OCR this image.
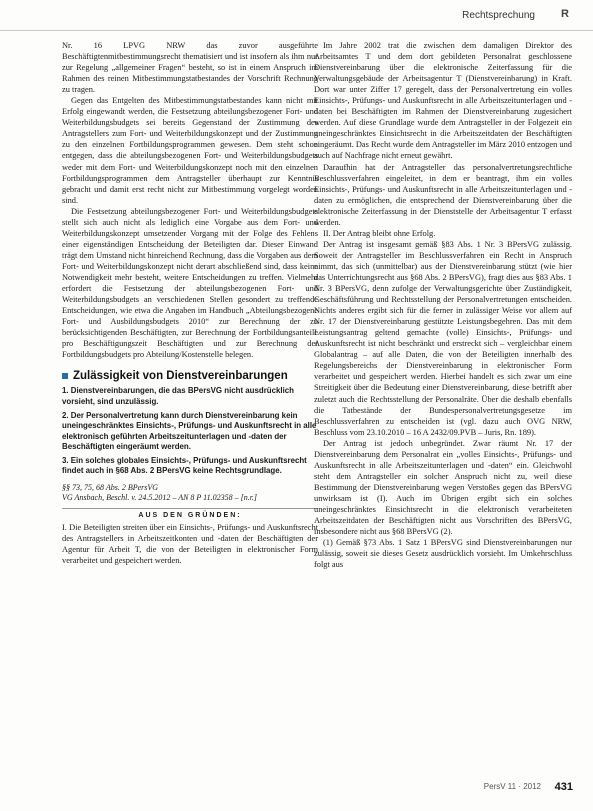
Rechtsprechung R

Nr. 16 LPVG NRW das zuvor ausgeführte Beschäftigtenmitbestimmungsrecht thematisiert und ist insofern als ihm nur zur Regelung „allgemeiner Fragen“ besteht, so ist in einem Anspruch im Rahmen des reinen Mitbestimmungstatbestandes der Vorschrift Rechnung zu tragen.

Gegen das Entgelten des Mitbestimmungstatbestandes kann nicht mit Erfolg eingewandt werden, die Festsetzung abteilungsbezogener Fort- und Weiterbildungsbudgets sei bereits Gegenstand der Zustimmung des Antragstellers zum Fort- und Weiterbildungskonzept und der Zustimmung zu den einzelnen Fortbildungsprogrammen gewesen. Dem steht schon entgegen, dass die abteilungsbezogenen Fort- und Weiterbildungsbudgets weder mit dem Fort- und Weiterbildungskonzept noch mit den einzelnen Fortbildungsprogrammen dem Antragsteller überhaupt zur Kenntnis gebracht und damit erst recht nicht zur Mitbestimmung vorgelegt worden sind.

Die Festsetzung abteilungsbezogener Fort- und Weiterbildungsbudgets stellt sich auch nicht als lediglich eine Vorgabe aus dem Fort- und Weiterbildungskonzept umsetzender Vorgang mit der Folge des Fehlens einer eigenständigen Entscheidung der Beteiligten dar. Dieser Einwand trägt dem Umstand nicht hinreichend Rechnung, dass die Vorgaben aus dem Fort- und Weiterbildungskonzept nicht derart abschließend sind, dass keine Notwendigkeit mehr besteht, weitere Entscheidungen zu treffen. Vielmehr erfordert die Festsetzung der abteilungsbezogenen Fort- und Weiterbildungsbudgets an verschiedenen Stellen gesondert zu treffende Entscheidungen, wie etwa die Angaben im Handbuch „Abteilungsbezogene Fort- und Ausbildungsbudgets 2010“ zur Berechnung der zu berücksichtigenden Beschäftigten, zur Berechnung der Fortbildungsanteile pro Beschäftigungszeit Beschäftigten und zur Berechnung der Fortbildungsbudgets pro Abteilung/Kostenstelle belegen.

Zulässigkeit von Dienstvereinbarungen
1. Dienstvereinbarungen, die das BPersVG nicht ausdrücklich vorsieht, sind unzulässig.
2. Der Personalvertretung kann durch Dienstvereinbarung kein uneingeschränktes Einsichts-, Prüfungs- und Auskunftsrecht in alle elektronisch geführten Arbeitszeitunterlagen und -daten der Beschäftigten eingeräumt werden.
3. Ein solches globales Einsichts-, Prüfungs- und Auskunftsrecht findet auch in §68 Abs. 2 BPersVG keine Rechtsgrundlage.
§§ 73, 75, 68 Abs. 2 BPersVG
VG Ansbach, Beschl. v. 24.5.2012 – AN 8 P 11.02358 – [n.r.]
AUS DEN GRÜNDEN:

I. Die Beteiligten streiten über ein Einsichts-, Prüfungs- und Auskunftsrecht des Antragstellers in Arbeitszeitkonten und -daten der Beschäftigten der Agentur für Arbeit T, die von der Beteiligten in elektronischer Form verarbeitet und gespeichert werden.

Im Jahre 2002 trat die zwischen dem damaligen Direktor des Arbeitsamtes T und dem dort gebildeten Personalrat geschlossene Dienstvereinbarung über die elektronische Zeiterfassung für die Verwaltungsgebäude der Arbeitsagentur T (Dienstvereinbarung) in Kraft. Dort war unter Ziffer 17 geregelt, dass der Personalvertretung ein volles Einsichts-, Prüfungs- und Auskunftsrecht in alle Arbeitszeitunterlagen und -daten bei Beschäftigten im Rahmen der Dienstvereinbarung zugesichert werden. Auf diese Grundlage wurde dem Antragsteller in der Folgezeit ein uneingeschränktes Einsichtsrecht in die Arbeitszeitdaten der Beschäftigten eingeräumt. Das Recht wurde dem Antragsteller im März 2010 entzogen und auch auf Nachfrage nicht erneut gewährt.

Daraufhin hat der Antragsteller das personalvertretungsrechtliche Beschlussverfahren eingeleitet, in dem er beantragt, ihm ein volles Einsichts-, Prüfungs- und Auskunftsrecht in alle Arbeitszeitunterlagen und -daten zu ermöglichen, die entsprechend der Dienstvereinbarung über die elektronische Zeiterfassung in der Dienststelle der Arbeitsagentur T erfasst werden.

II. Der Antrag bleibt ohne Erfolg.

Der Antrag ist insgesamt gemäß §83 Abs. 1 Nr. 3 BPersVG zulässig. Soweit der Antragsteller im Beschlussverfahren ein Recht in Anspruch nimmt, das sich (unmittelbar) aus der Dienstvereinbarung stützt (wie hier das Unterrichtungsrecht aus §68 Abs. 2 BPersVG), fragt dies aus §83 Abs. 1 Nr. 3 BPersVG, denn zufolge der Verwaltungsgerichte über Zuständigkeit, Geschäftsführung und Rechtsstellung der Personalvertretungen entscheiden. Nichts anderes ergibt sich für die ferner in zulässiger Weise vor allem auf Nr. 17 der Dienstvereinbarung gestützte Leistungsbegehren. Das mit dem Leistungsantrag geltend gemachte (volle) Einsichts-, Prüfungs- und Auskunftsrecht ist nicht beschränkt und erstreckt sich – vergleichbar einem Globalantrag – auf alle Daten, die von der Beteiligten innerhalb des Regelungsbereichs der Dienstvereinbarung in elektronischer Form verarbeitet und gespeichert werden. Hierbei handelt es sich zwar um eine Streitigkeit über die Bedeutung einer Dienstvereinbarung, diese betrifft aber zuletzt auch die Rechtsstellung der Personalräte. Über die deshalb ebenfalls die Tatbestände der Bundespersonalvertretungsgesetze im Beschlussverfahren zu entscheiden ist (vgl. dazu auch OVG NRW, Beschluss vom 23.10.2010 – 16 A 2432/09.PVB – Juris, Rn. 189).

Der Antrag ist jedoch unbegründet. Zwar räumt Nr. 17 der Dienstvereinbarung dem Personalrat ein „volles Einsichts-, Prüfungs- und Auskunftsrecht in alle Arbeitszeitunterlagen und -daten“ ein. Gleichwohl steht dem Antragsteller ein solcher Anspruch nicht zu, weil diese Bestimmung der Dienstvereinbarung wegen Verstoßes gegen das BPersVG unwirksam ist (I). Auch im Übrigen ergibt sich ein solches uneingeschränktes Einsichtsrecht in die elektronisch verarbeiteten Arbeitszeitdaten der Beschäftigten nicht aus Vorschriften des BPersVG, insbesondere nicht aus §68 BPersVG (2).

(1) Gemäß §73 Abs. 1 Satz 1 BPersVG sind Dienstvereinbarungen nur zulässig, soweit sie dieses Gesetz ausdrücklich vorsieht. Im Umkehrschluss folgt aus

PersV 11 · 2012 431
